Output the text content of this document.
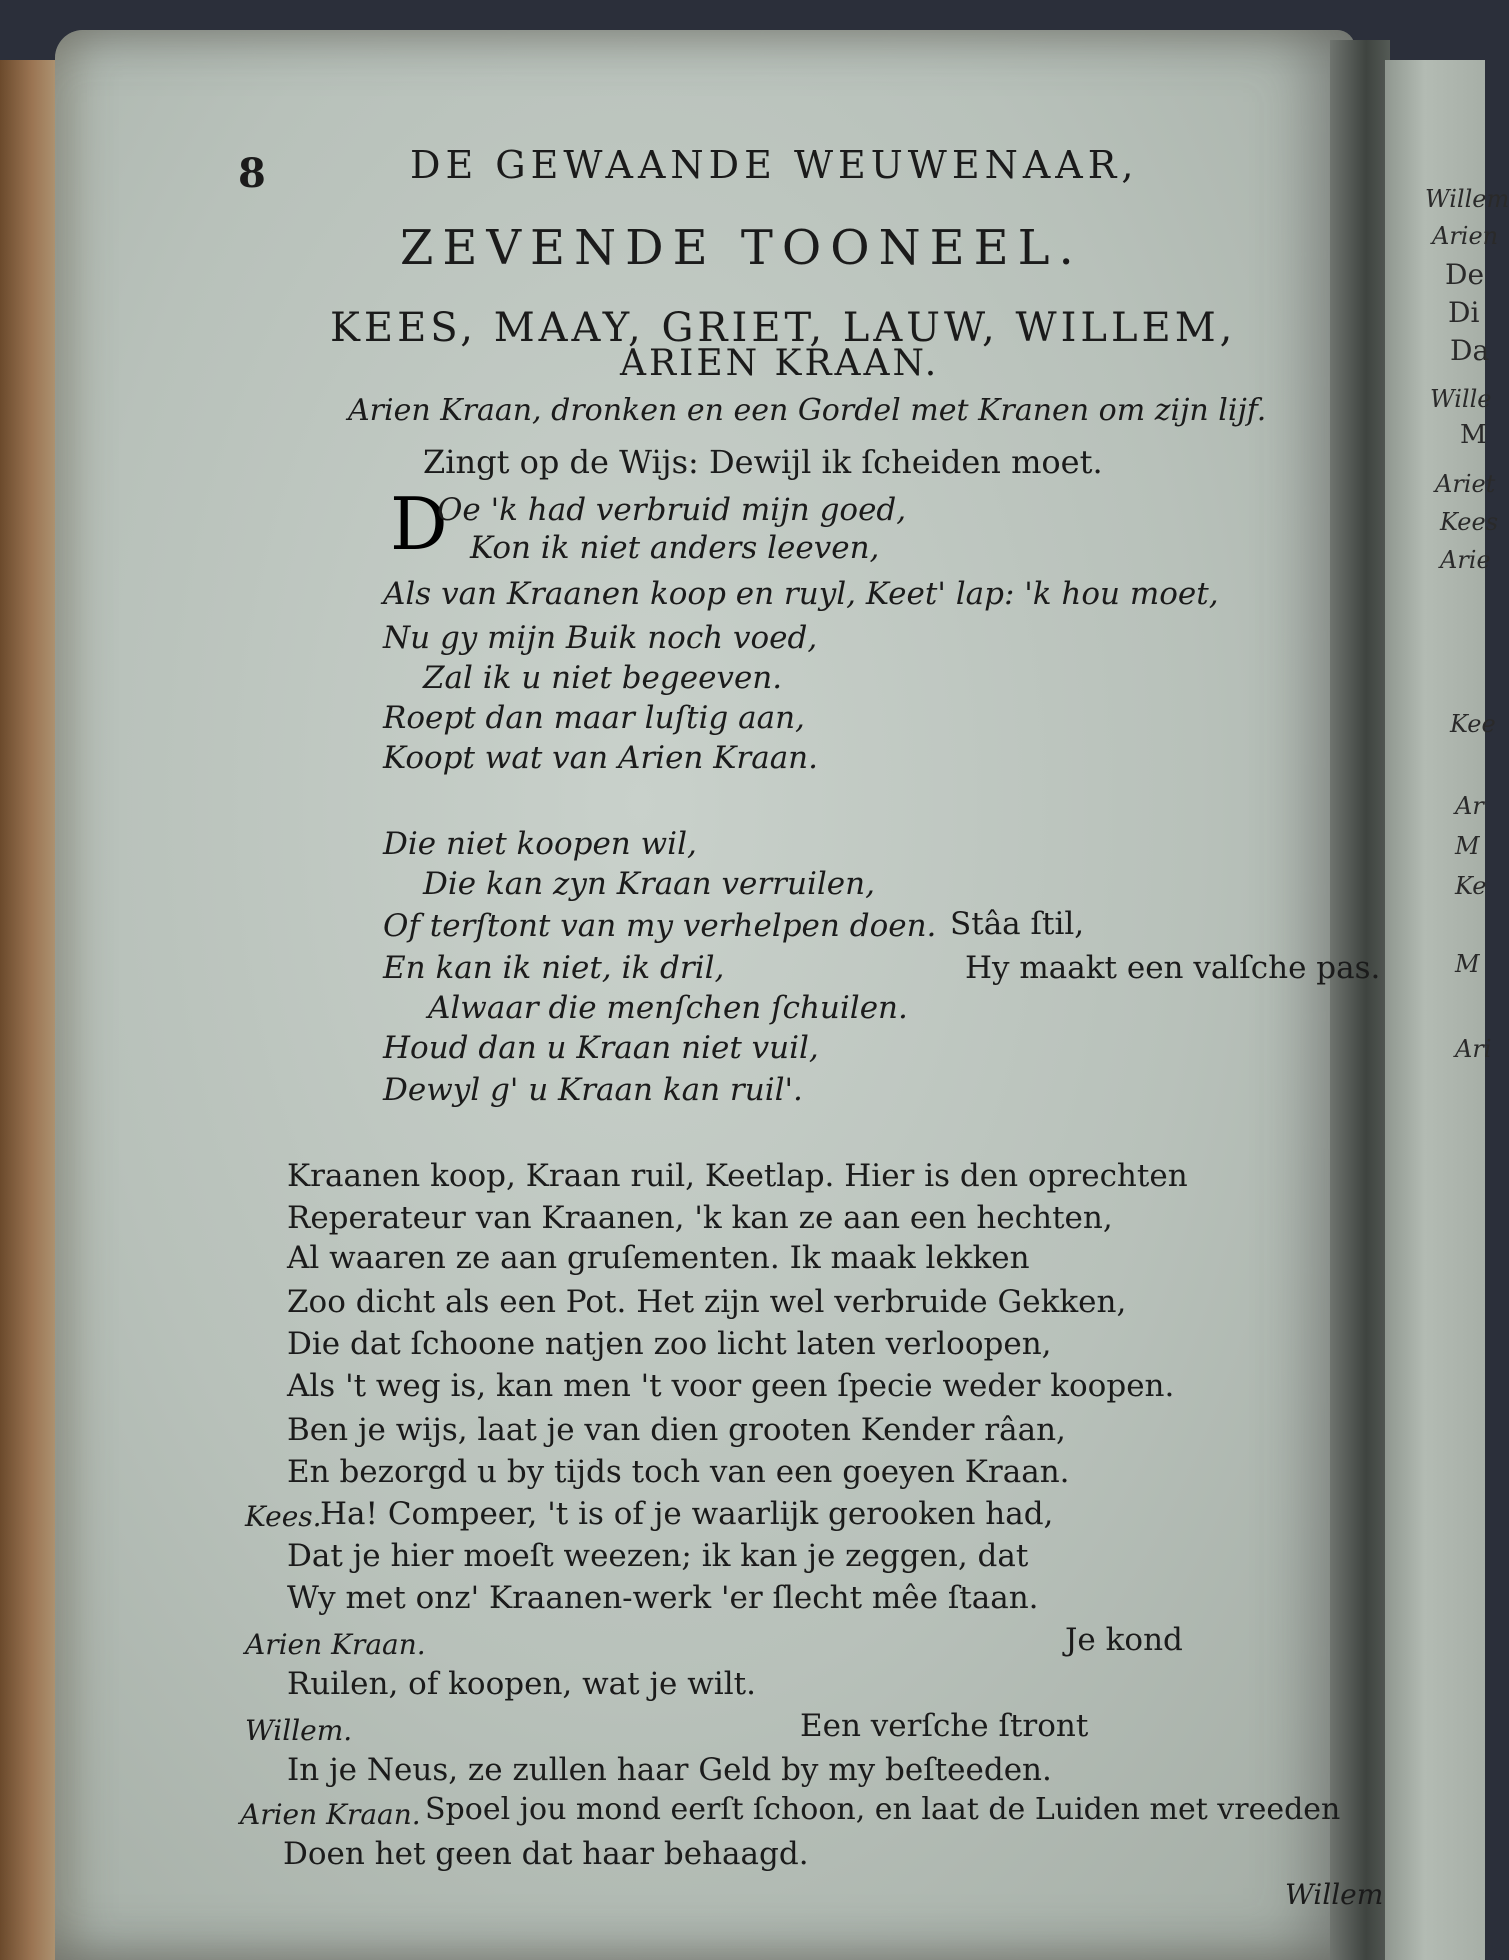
8	DE GEWAANDE WEUWENAAR,
ZEVENDE TOONEEL.
KEES, MAAY, GRIET, LAUW, WILLEM,
ARIEN KRAAN.
Arien Kraan, dronken en een Gordel met Kranen om zijn lijf.
Zingt op de Wijs: Dewijl ik ſcheiden moet.
D
Oe 'k had verbruid mijn goed,
Kon ik niet anders leeven,
Als van Kraanen koop en ruyl, Keet' lap: 'k hou moet,
Nu gy mijn Buik noch voed,
Zal ik u niet begeeven.
Roept dan maar luſtig aan,
Koopt wat van Arien Kraan.
Die niet koopen wil,
Die kan zyn Kraan verruilen,
Of terſtont van my verhelpen doen.
En kan ik niet, ik dril,
Alwaar die menſchen ſchuilen.
Houd dan u Kraan niet vuil,
Dewyl g' u Kraan kan ruil'.
Stâa ſtil,
Hy maakt een valſche pas.
Kraanen koop, Kraan ruil, Keetlap. Hier is den oprechten
Reperateur van Kraanen, 'k kan ze aan een hechten,
Al waaren ze aan gruſementen. Ik maak lekken
Zoo dicht als een Pot. Het zijn wel verbruide Gekken,
Die dat ſchoone natjen zoo licht laten verloopen,
Als 't weg is, kan men 't voor geen ſpecie weder koopen.
Ben je wijs, laat je van dien grooten Kender râan,
En bezorgd u by tijds toch van een goeyen Kraan.
Kees.
Ha! Compeer, 't is of je waarlijk gerooken had,
Dat je hier moeſt weezen; ik kan je zeggen, dat
Wy met onz' Kraanen-werk 'er ſlecht mêe ſtaan.
Arien Kraan.	Je kond
Ruilen, of koopen, wat je wilt.
Willem.	Een verſche ſtront
In je Neus, ze zullen haar Geld by my beſteeden.
Arien Kraan. Spoel jou mond eerſt ſchoon, en laat de Luiden met vreeden
Doen het geen dat haar behaagd.
Willem
Willem
Arien
De
Di
Da
Wille
M
Ariet
Kees
Arie
Kee
Ar
M
Ke
M
Ari
